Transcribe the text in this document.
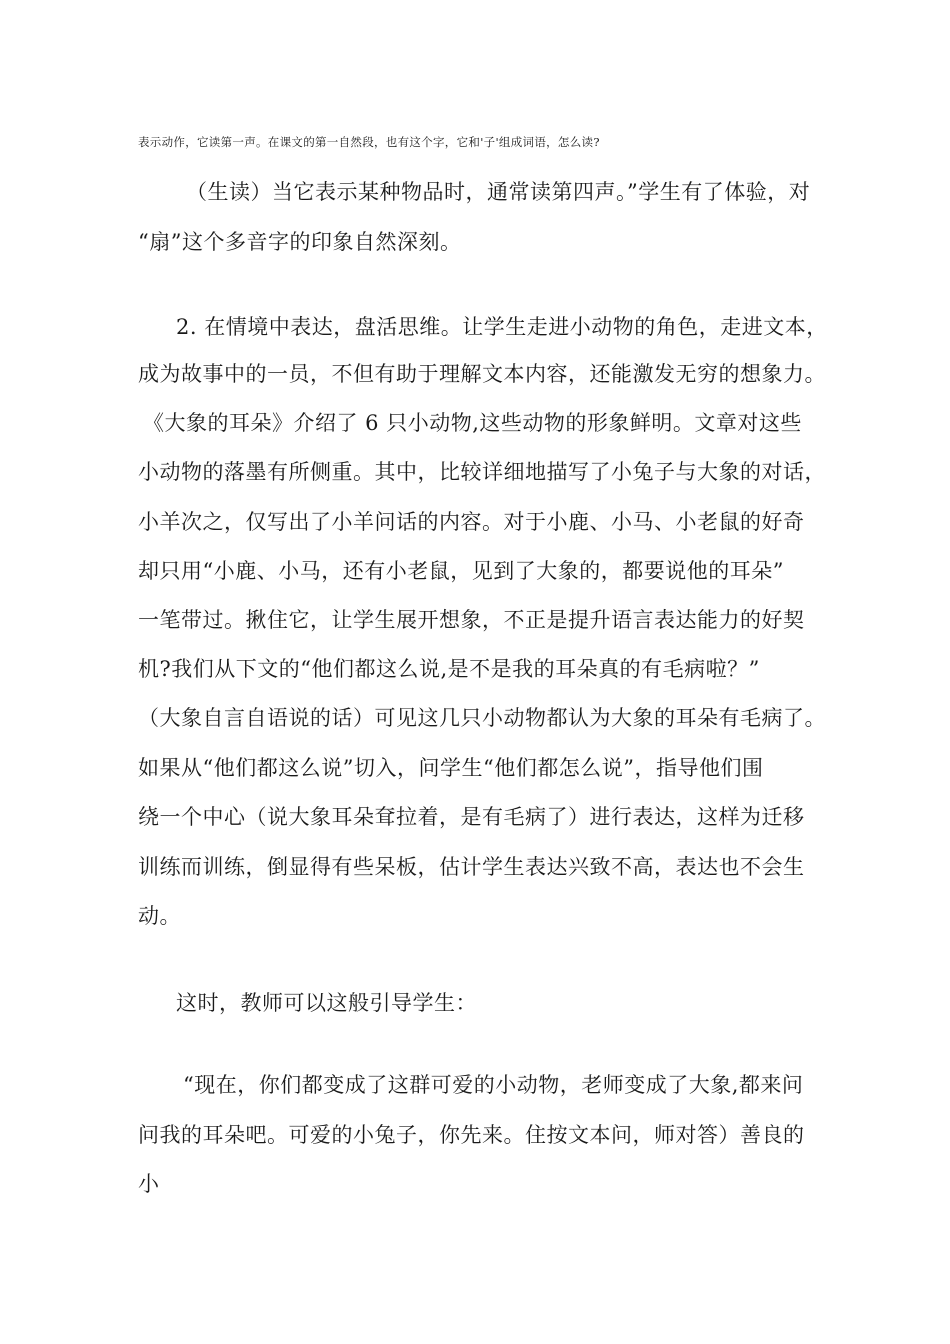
表示动作，它读第一声。在课文的第一自然段，也有这个字，它和'子'组成词语，怎么读?
（生读）当它表示某种物品时，通常读第四声。”学生有了体验，对
“扇”这个多音字的印象自然深刻。
2. 在情境中表达，盘活思维。让学生走进小动物的角色，走进文本，
成为故事中的一员，不但有助于理解文本内容，还能激发无穷的想象力。
《大象的耳朵》介绍了 6 只小动物,这些动物的形象鲜明。文章对这些
小动物的落墨有所侧重。其中，比较详细地描写了小兔子与大象的对话，
小羊次之，仅写出了小羊问话的内容。对于小鹿、小马、小老鼠的好奇
却只用“小鹿、小马，还有小老鼠，见到了大象的，都要说他的耳朵”
一笔带过。揪住它，让学生展开想象，不正是提升语言表达能力的好契
机?我们从下文的“他们都这么说,是不是我的耳朵真的有毛病啦？”
（大象自言自语说的话）可见这几只小动物都认为大象的耳朵有毛病了。
如果从“他们都这么说”切入，问学生“他们都怎么说”，指导他们围
绕一个中心（说大象耳朵耷拉着，是有毛病了）进行表达，这样为迁移
训练而训练，倒显得有些呆板，估计学生表达兴致不高，表达也不会生
动。
这时，教师可以这般引导学生：
“现在，你们都变成了这群可爱的小动物，老师变成了大象,都来问
问我的耳朵吧。可爱的小兔子，你先来。住按文本问，师对答）善良的
小
